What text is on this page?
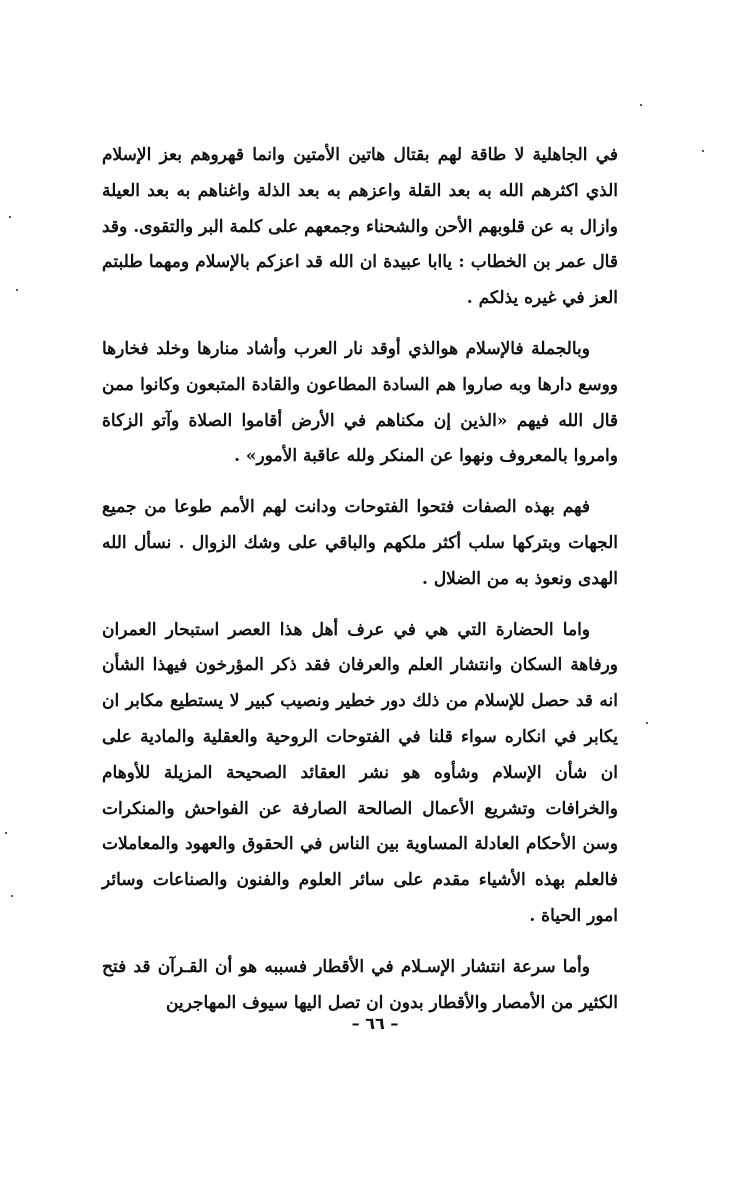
في الجاهلية لا طاقة لهم بقتال هاتين الأمتين وانما قهروهم بعز الإسلام الذي اكثرهم الله به بعد القلة واعزهم به بعد الذلة واغناهم به بعد العيلة وازال به عن قلوبهم الأحن والشحناء وجمعهم على كلمة البر والتقوى. وقد قال عمر بن الخطاب : ياابا عبيدة ان الله قد اعزكم بالإسلام ومهما طلبتم العز في غيره يذلكم .

وبالجملة فالإسلام هوالذي أوقد نار العرب وأشاد منارها وخلد فخارها ووسع دارها وبه صاروا هم السادة المطاعون والقادة المتبعون وكانوا ممن قال الله فيهم «الذين إن مكناهم في الأرض أقاموا الصلاة وآتو الزكاة وامروا بالمعروف ونهوا عن المنكر ولله عاقبة الأمور» .

فهم بهذه الصفات فتحوا الفتوحات ودانت لهم الأمم طوعا من جميع الجهات وبتركها سلب أكثر ملكهم والباقي على وشك الزوال . نسأل الله الهدى ونعوذ به من الضلال .

واما الحضارة التي هي في عرف أهل هذا العصر استبحار العمران ورفاهة السكان وانتشار العلم والعرفان فقد ذكر المؤرخون فيهذا الشأن انه قد حصل للإسلام من ذلك دور خطير ونصيب كبير لا يستطيع مكابر ان يكابر في انكاره سواء قلنا في الفتوحات الروحية والعقلية والمادية على ان شأن الإسلام وشأوه هو نشر العقائد الصحيحة المزيلة للأوهام والخرافات وتشريع الأعمال الصالحة الصارفة عن الفواحش والمنكرات وسن الأحكام العادلة المساوية بين الناس في الحقوق والعهود والمعاملات فالعلم بهذه الأشياء مقدم على سائر العلوم والفنون والصناعات وسائر امور الحياة .

وأما سرعة انتشار الإسـلام في الأقطار فسببه هو أن القـرآن قد فتح الكثير من الأمصار والأقطار بدون ان تصل اليها سيوف المهاجرين

– ٦٦ –
